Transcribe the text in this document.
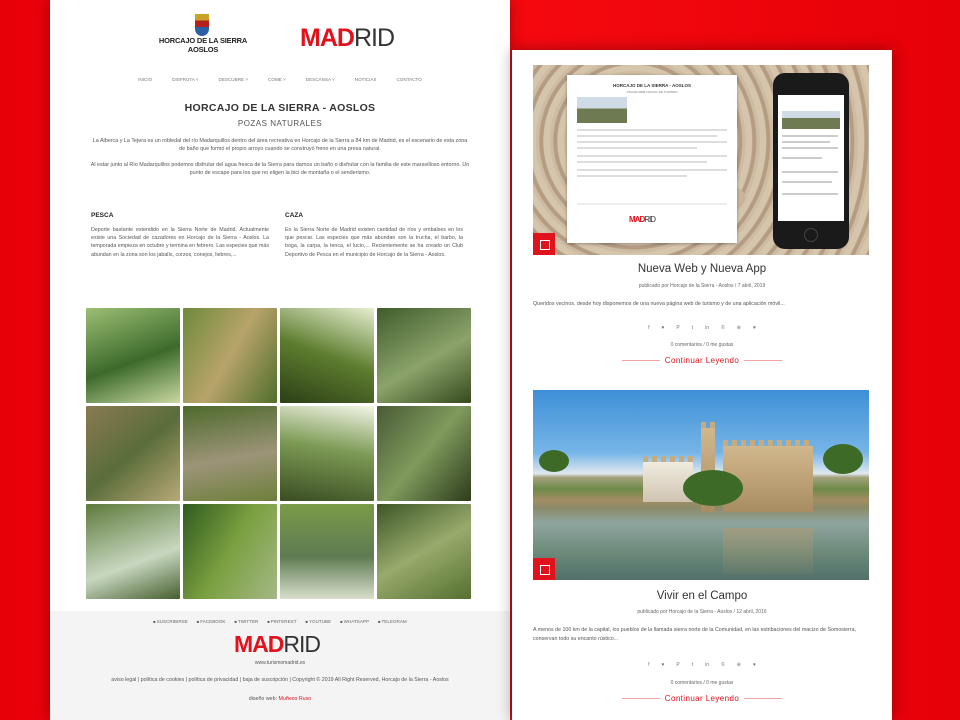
HORCAJO DE LA SIERRA AOSLOS	MADRID
INICIO	DISFRUTA ˅	DESCUBRE ˅	COME ˅	DESCANSA ˅	NOTICIAS	CONTACTO
HORCAJO DE LA SIERRA - AOSLOS
POZAS NATURALES

La Alberca y La Tejera es un robledal del río Madarquillos dentro del área recreativa en Horcajo de la Sierra a 84 km de Madrid, es el escenario de esta zona de baño que formó el propio arroyo cuando se construyó freno en una presa natural.

Al estar junto al Río Madarquillos podemos disfrutar del agua fresca de la Sierra para darnos un baño o disfrutar con la familia de este maravilloso entorno. Un punto de escape para los que no eligen la bici de montaña o el senderismo.

PESCA

Deporte bastante extendido en la Sierra Norte de Madrid. Actualmente existe una Sociedad de cazadores en Horcajo de la Sierra - Aoslos. La temporada empieza en octubre y termina en febrero. Las especies que más abundan en la zona son los jabalís, corzos, conejos, liebres,...

CAZA

En la Sierra Norte de Madrid existen cantidad de ríos y embalses en los que pescar. Las especies que más abundan son la trucha, el barbo, la boga, la carpa, la tenca, el lucio,... Recientemente se ha creado un Club Deportivo de Pesca en el municipio de Horcajo de la Sierra - Aoslos.

■ SUSCRIBIRSE	■ FACEBOOK	■ TWITTER	■ PINTEREST	■ YOUTUBE	■ WHATSAPP	■ TELEGRAM
MADRID
www.turismomadrid.es
aviso legal | política de cookies | política de privacidad | baja de suscripción | Copyright © 2019 All Right Reserved, Horcajo de la Sierra - Aoslos
diseño web: Muñeco Ruso
HORCAJO DE LA SIERRA - AOSLOS
PÁGINA WEB OFICIAL DE TURISMO
MADRID
Nueva Web y Nueva App
publicado por Horcajo de la Sierra - Aoslos / 7 abril, 2019

Queridos vecinos, desde hoy disponemos de una nueva página web de turismo y de una aplicación móvil...

f ♥ P t in © ⊕ ♥
0 comentarios / 0 me gustas
Continuar Leyendo
Vivir en el Campo
publicado por Horcajo de la Sierra - Aoslos / 12 abril, 2016

A menos de 100 km de la capital, los pueblos de la llamada sierra norte de la Comunidad, en las estribaciones del macizo de Somosierra, conservan todo su encanto rústico...

f ♥ P t in © ⊕ ♥
0 comentarios / 0 me gustas
Continuar Leyendo
